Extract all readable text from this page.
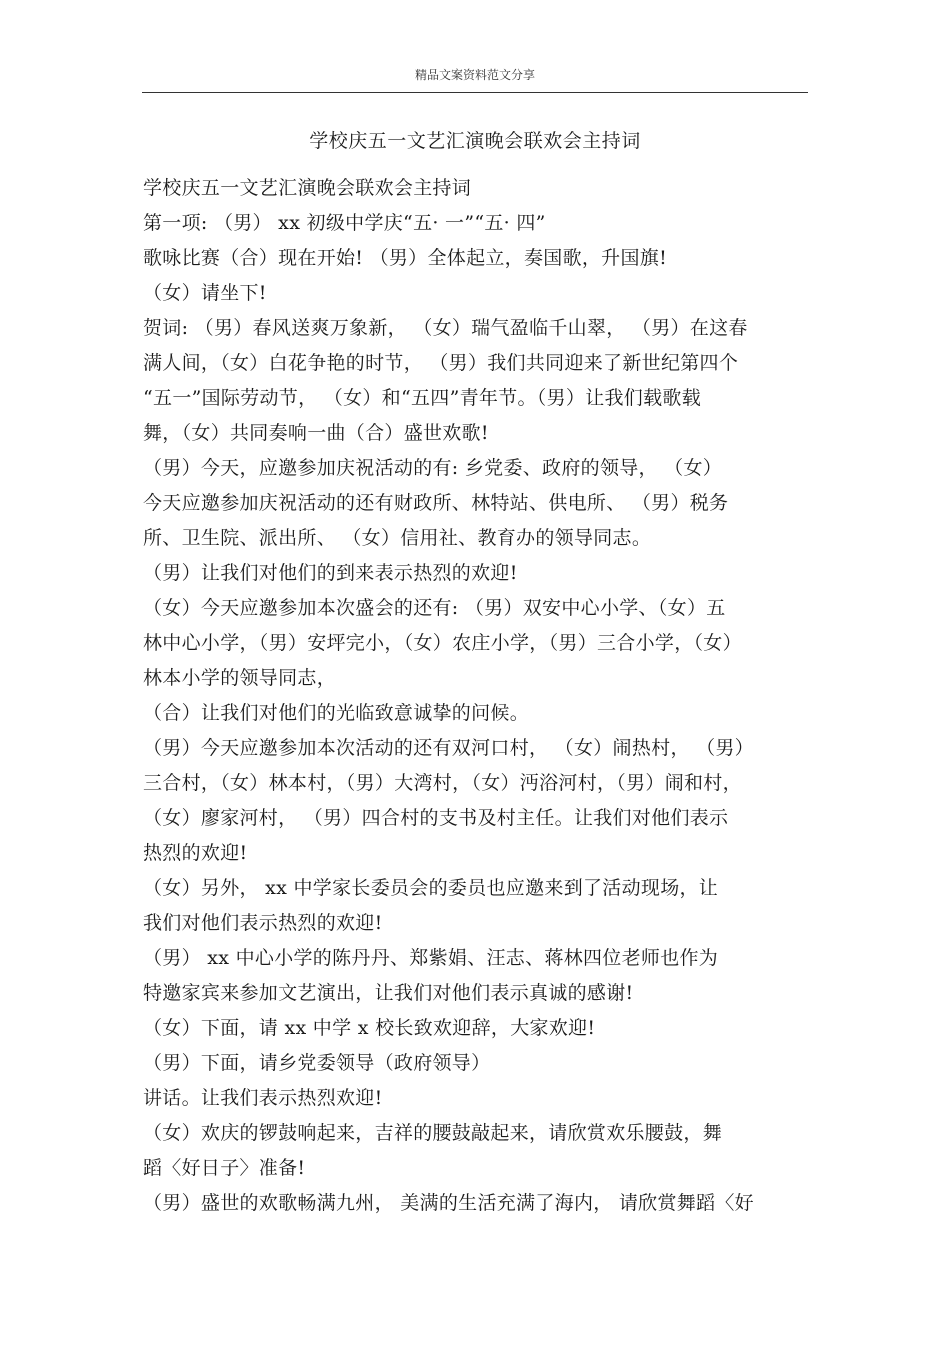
精品文案资料范文分享
学校庆五一文艺汇演晚会联欢会主持词
学校庆五一文艺汇演晚会联欢会主持词
第一项: （男） xx 初级中学庆“五· 一”“五· 四”
歌咏比赛（合）现在开始! （男）全体起立，奏国歌，升国旗!
（女）请坐下!
贺词: （男）春风送爽万象新， （女）瑞气盈临千山翠， （男）在这春
满人间，（女）白花争艳的时节， （男）我们共同迎来了新世纪第四个
“五一”国际劳动节， （女）和“五四”青年节。（男）让我们载歌载
舞，（女）共同奏响一曲（合）盛世欢歌!
（男）今天，应邀参加庆祝活动的有: 乡党委、政府的领导， （女）
今天应邀参加庆祝活动的还有财政所、林特站、供电所、 （男）税务
所、卫生院、派出所、 （女）信用社、教育办的领导同志。
（男）让我们对他们的到来表示热烈的欢迎!
（女）今天应邀参加本次盛会的还有: （男）双安中心小学、（女）五
林中心小学，（男）安坪完小，（女）农庄小学，（男）三合小学，（女）
林本小学的领导同志，
（合）让我们对他们的光临致意诚挚的问候。
（男）今天应邀参加本次活动的还有双河口村， （女）闹热村， （男）
三合村，（女）林本村，（男）大湾村，（女）沔浴河村，（男）闹和村，
（女）廖家河村， （男）四合村的支书及村主任。让我们对他们表示
热烈的欢迎!
（女）另外， xx 中学家长委员会的委员也应邀来到了活动现场，让
我们对他们表示热烈的欢迎!
（男） xx 中心小学的陈丹丹、郑紫娟、汪志、蒋林四位老师也作为
特邀家宾来参加文艺演出，让我们对他们表示真诚的感谢!
（女）下面，请 xx 中学 x 校长致欢迎辞，大家欢迎!
（男）下面，请乡党委领导（政府领导）
讲话。让我们表示热烈欢迎!
（女）欢庆的锣鼓响起来，吉祥的腰鼓敲起来，请欣赏欢乐腰鼓，舞
蹈〈好日子〉准备!
（男）盛世的欢歌畅满九州， 美满的生活充满了海内， 请欣赏舞蹈〈好
